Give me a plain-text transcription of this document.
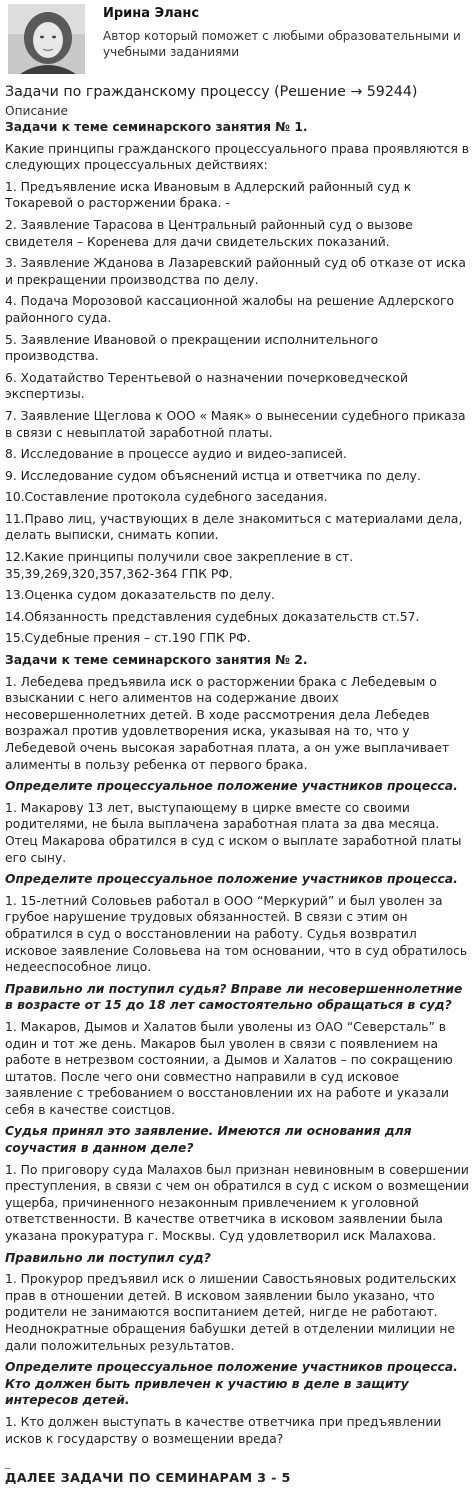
Ирина Эланс
Автор который поможет с любыми образовательными и учебными заданиями
Задачи по гражданскому процессу (Решение → 59244)
Описание
Задачи к теме семинарского занятия № 1.
Какие принципы гражданского процессуального права проявляются в следующих процессуальных действиях:
1. Предъявление иска Ивановым в Адлерский районный суд к Токаревой о расторжении брака. -
2. Заявление Тарасова в Центральный районный суд о вызове свидетеля – Коренева для дачи свидетельских показаний.
3. Заявление Жданова в Лазаревский районный суд об отказе от иска и прекращении производства по делу.
4. Подача Морозовой кассационной жалобы на решение Адлерского районного суда.
5. Заявление Ивановой о прекращении исполнительного производства.
6. Ходатайство Терентьевой о назначении почерковедческой экспертизы.
7. Заявление Щеглова к ООО « Маяк» о вынесении судебного приказа в связи с невыплатой заработной платы.
8. Исследование в процессе аудио и видео-записей.
9. Исследование судом объяснений истца и ответчика по делу.
10.Составление протокола судебного заседания.
11.Право лиц, участвующих в деле знакомиться с материалами дела, делать выписки, снимать копии.
12.Какие принципы получили свое закрепление в ст. 35,39,269,320,357,362-364 ГПК РФ.
13.Оценка судом доказательств по делу.
14.Обязанность представления судебных доказательств ст.57.
15.Судебные прения – ст.190 ГПК РФ.
Задачи к теме семинарского занятия № 2.
1. Лебедева предъявила иск о расторжении брака с Лебедевым о взыскании с него алиментов на содержание двоих несовершеннолетних детей. В ходе рассмотрения дела Лебедев возражал против удовлетворения иска, указывая на то, что у Лебедевой очень высокая заработная плата, а он уже выплачивает алименты в пользу ребенка от первого брака.
Определите процессуальное положение участников процесса.
1. Макарову 13 лет, выступающему в цирке вместе со своими родителями, не была выплачена заработная плата за два месяца. Отец Макарова обратился в суд с иском о выплате заработной платы его сыну.
Определите процессуальное положение участников процесса.
1. 15-летний Соловьев работал в ООО “Меркурий” и был уволен за грубое нарушение трудовых обязанностей. В связи с этим он обратился в суд о восстановлении на работу. Судья возвратил исковое заявление Соловьева на том основании, что в суд обратилось недееспособное лицо.
Правильно ли поступил судья? Вправе ли несовершеннолетние в возрасте от 15 до 18 лет самостоятельно обращаться в суд?
1. Макаров, Дымов и Халатов были уволены из ОАО “Северсталь” в один и тот же день. Макаров был уволен в связи с появлением на работе в нетрезвом состоянии, а Дымов и Халатов – по сокращению штатов. После чего они совместно направили в суд исковое заявление с требованием о восстановлении их на работе и указали себя в качестве соистцов.
Судья принял это заявление. Имеются ли основания для соучастия в данном деле?
1. По приговору суда Малахов был признан невиновным в совершении преступления, в связи с чем он обратился в суд с иском о возмещении ущерба, причиненного незаконным привлечением к уголовной ответственности. В качестве ответчика в исковом заявлении была указана прокуратура г. Москвы. Суд удовлетворил иск Малахова.
Правильно ли поступил суд?
1. Прокурор предъявил иск о лишении Савостьяновых родительских прав в отношении детей. В исковом заявлении было указано, что родители не занимаются воспитанием детей, нигде не работают. Неоднократные обращения бабушки детей в отделении милиции не дали положительных результатов.
Определите процессуальное положение участников процесса. Кто должен быть привлечен к участию в деле в защиту интересов детей.
1. Кто должен выступать в качестве ответчика при предъявлении исков к государству о возмещении вреда?
_
ДАЛЕЕ ЗАДАЧИ ПО СЕМИНАРАМ 3 - 5
